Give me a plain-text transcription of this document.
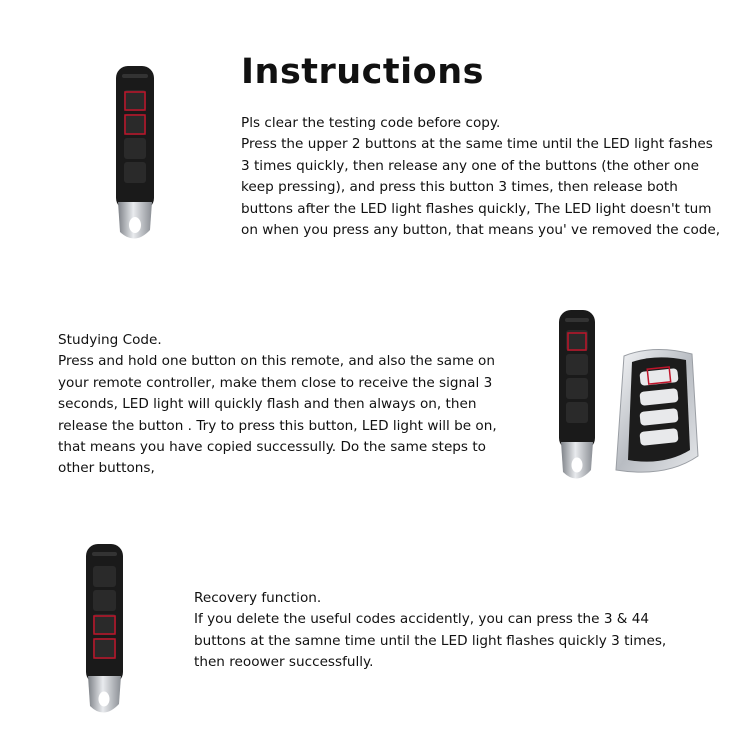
Instructions
Pls clear the testing code before copy.
Press the upper 2 buttons at the same time until the LED light fashes
3 times quickly, then release any one of the buttons (the other one
keep pressing), and press this button 3 times, then release both
buttons after the LED light flashes quickly, The LED light doesn't tum
on when you press any button, that means you' ve removed the code,
Studying Code.
Press and hold one button on this remote, and also the same on
your remote controller, make them close to receive the signal 3
seconds, LED light will quickly flash and then always on, then
release the button . Try to press this button, LED light will be on,
that means you have copied successully. Do the same steps to
other buttons,
Recovery function.
If you delete the useful codes accidently, you can press the 3 & 44
buttons at the samne time until the LED light flashes quickly 3 times,
then reoower successfully.
